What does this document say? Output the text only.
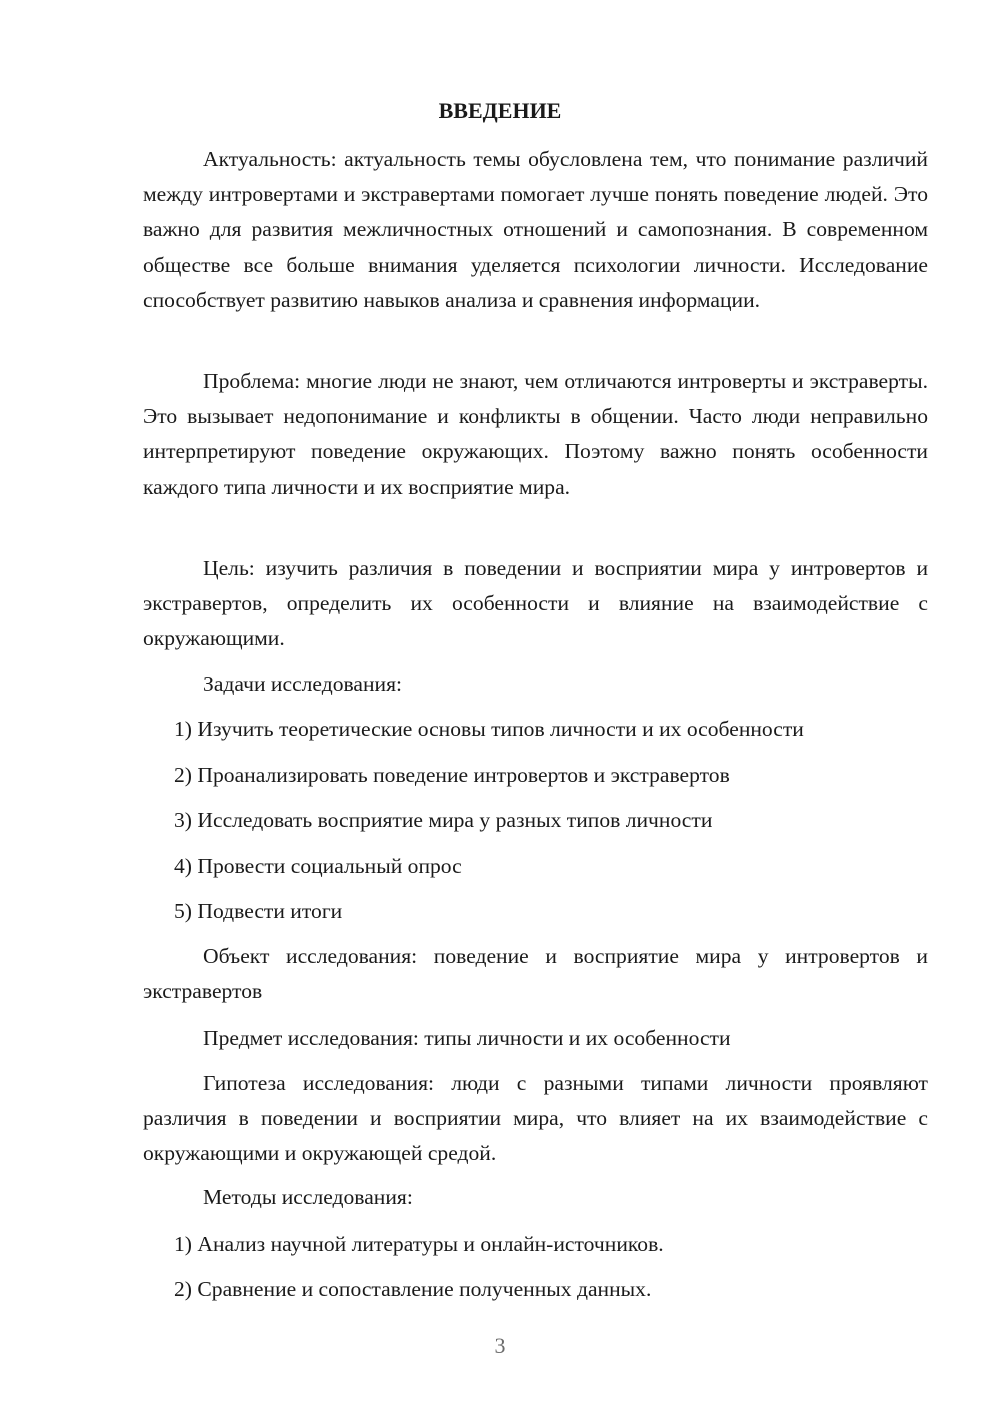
ВВЕДЕНИЕ

Актуальность: актуальность темы обусловлена тем, что понимание различий между интровертами и экстравертами помогает лучше понять поведение людей. Это важно для развития межличностных отношений и самопознания. В современном обществе все больше внимания уделяется психологии личности. Исследование способствует развитию навыков анализа и сравнения информации.

Проблема: многие люди не знают, чем отличаются интроверты и экстраверты. Это вызывает недопонимание и конфликты в общении. Часто люди неправильно интерпретируют поведение окружающих. Поэтому важно понять особенности каждого типа личности и их восприятие мира.

Цель: изучить различия в поведении и восприятии мира у интровертов и экстравертов, определить их особенности и влияние на взаимодействие с окружающими.

Задачи исследования:

1) Изучить теоретические основы типов личности и их особенности

2) Проанализировать поведение интровертов и экстравертов

3) Исследовать восприятие мира у разных типов личности

4) Провести социальный опрос

5) Подвести итоги

Объект исследования: поведение и восприятие мира у интровертов и экстравертов

Предмет исследования: типы личности и их особенности

Гипотеза исследования: люди с разными типами личности проявляют различия в поведении и восприятии мира, что влияет на их взаимодействие с окружающими и окружающей средой.

Методы исследования:

1) Анализ научной литературы и онлайн-источников.

2) Сравнение и сопоставление полученных данных.

3
